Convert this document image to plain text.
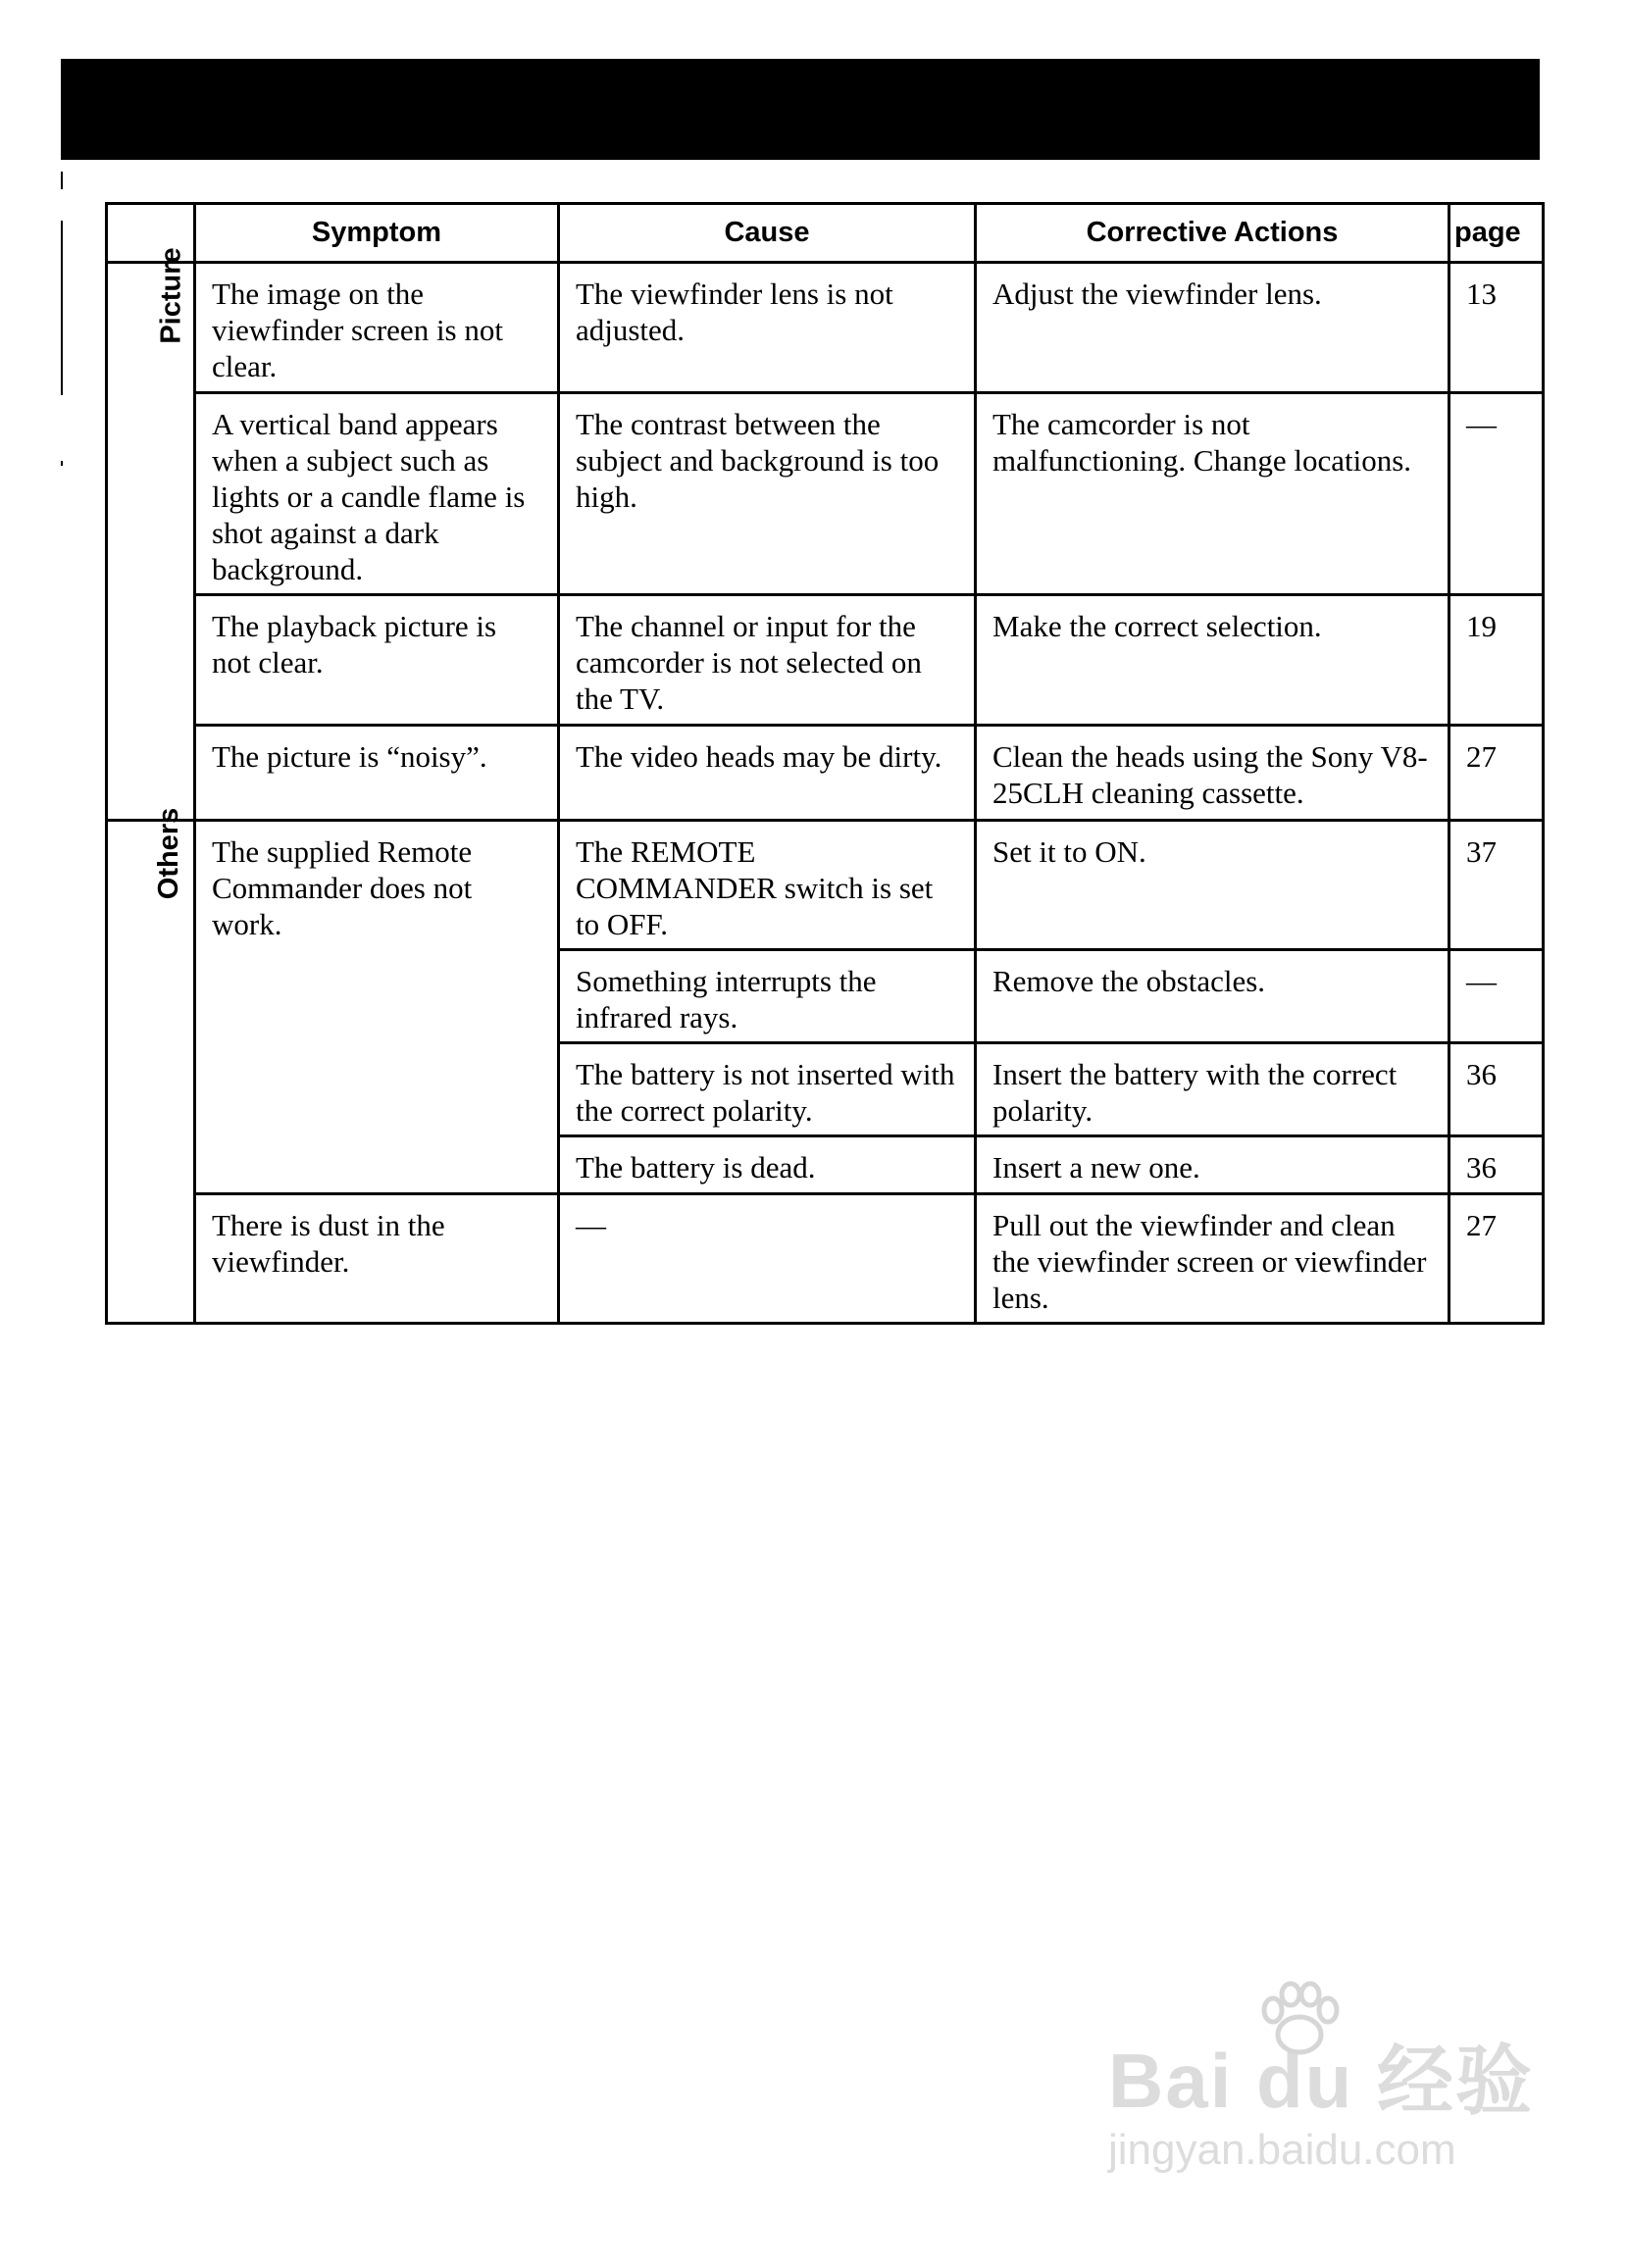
	Symptom	Cause	Corrective Actions	page
Picture	The image on the viewfinder screen is not clear.	The viewfinder lens is not adjusted.	Adjust the viewfinder lens.	13
	A vertical band appears when a subject such as lights or a candle flame is shot against a dark background.	The contrast between the subject and background is too high.	The camcorder is not malfunctioning. Change locations.	—
	The playback picture is not clear.	The channel or input for the camcorder is not selected on the TV.	Make the correct selection.	19
	The picture is “noisy”.	The video heads may be dirty.	Clean the heads using the Sony V8-25CLH cleaning cassette.	27
Others	The supplied Remote Commander does not work.	The REMOTE COMMANDER switch is set to OFF.	Set it to ON.	37
		Something interrupts the infrared rays.	Remove the obstacles.	—
		The battery is not inserted with the correct polarity.	Insert the battery with the correct polarity.	36
		The battery is dead.	Insert a new one.	36
	There is dust in the viewfinder.	—	Pull out the viewfinder and clean the viewfinder screen or viewfinder lens.	27
Bai du 经验
jingyan.baidu.com
